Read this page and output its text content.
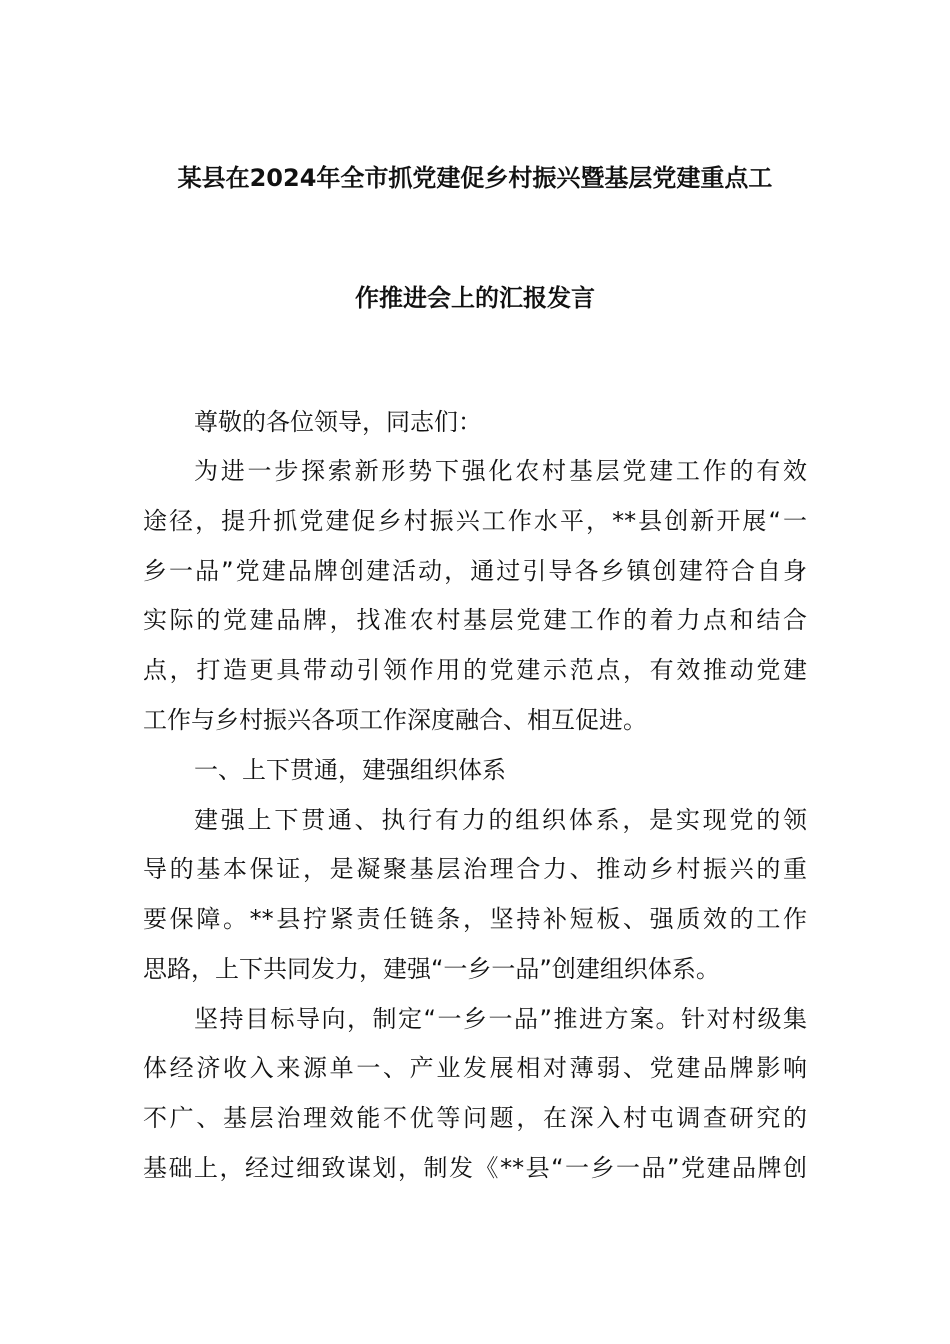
某县在2024年全市抓党建促乡村振兴暨基层党建重点工
作推进会上的汇报发言
尊敬的各位领导，同志们：
为进一步探索新形势下强化农村基层党建工作的有效
途径，提升抓党建促乡村振兴工作水平，**县创新开展“一
乡一品”党建品牌创建活动，通过引导各乡镇创建符合自身
实际的党建品牌，找准农村基层党建工作的着力点和结合
点，打造更具带动引领作用的党建示范点，有效推动党建
工作与乡村振兴各项工作深度融合、相互促进。
一、上下贯通，建强组织体系
建强上下贯通、执行有力的组织体系，是实现党的领
导的基本保证，是凝聚基层治理合力、推动乡村振兴的重
要保障。**县拧紧责任链条，坚持补短板、强质效的工作
思路，上下共同发力，建强“一乡一品”创建组织体系。
坚持目标导向，制定“一乡一品”推进方案。针对村级集
体经济收入来源单一、产业发展相对薄弱、党建品牌影响
不广、基层治理效能不优等问题，在深入村屯调查研究的
基础上，经过细致谋划，制发《**县“一乡一品”党建品牌创
